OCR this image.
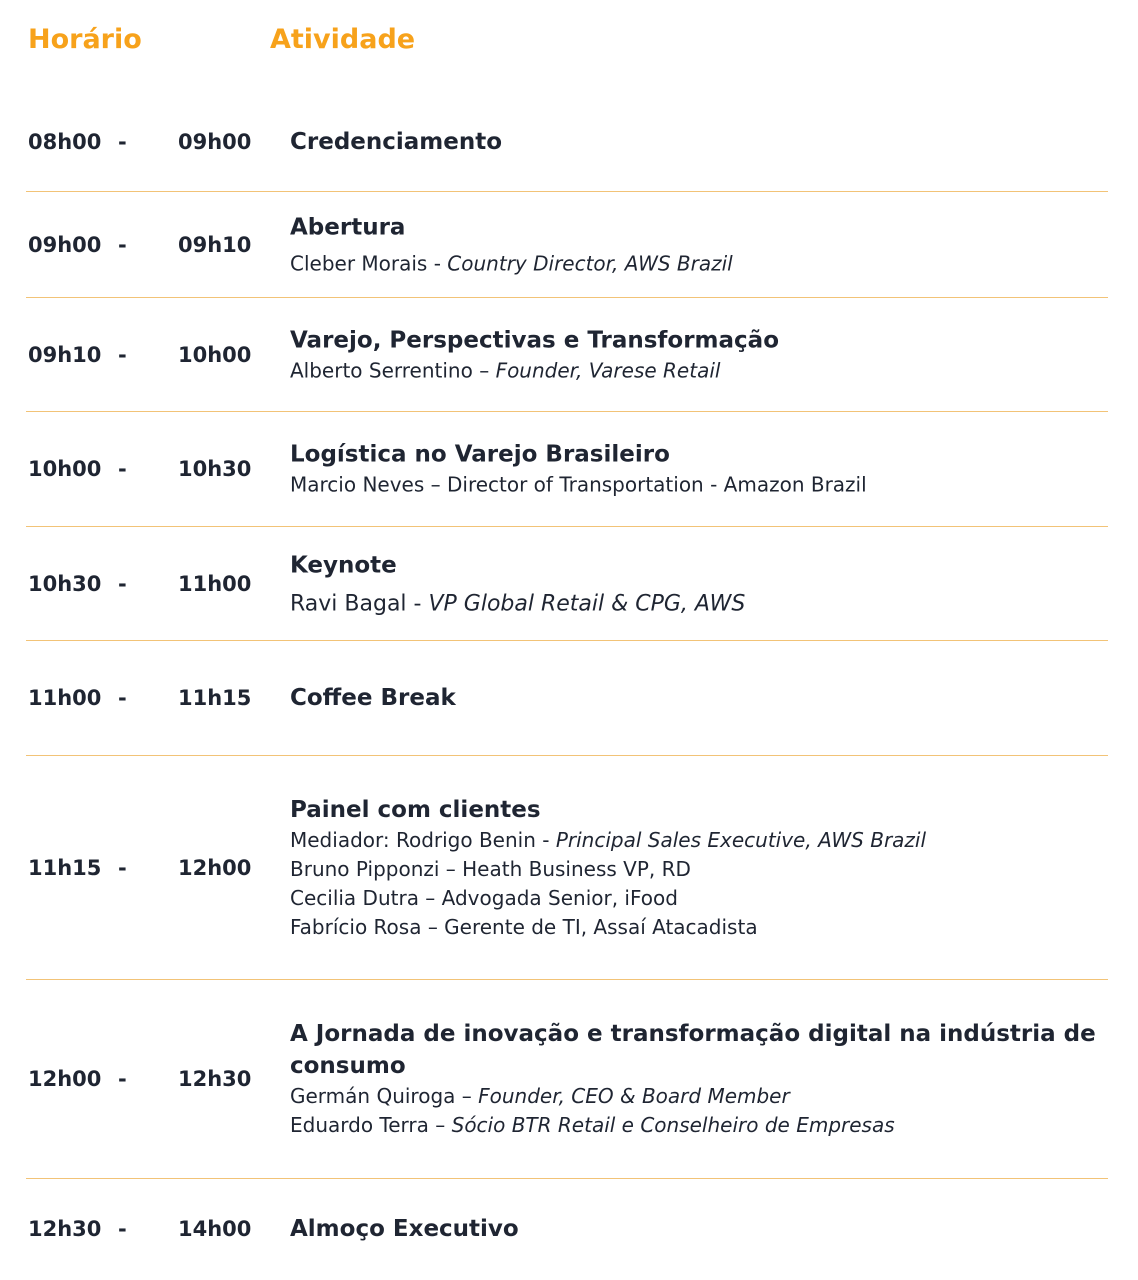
Horário	Atividade
08h00 - 09h00 Credenciamento
09h00 - 09h10
Abertura
Cleber Morais - Country Director, AWS Brazil
09h10 - 10h00
Varejo, Perspectivas e Transformação
Alberto Serrentino – Founder, Varese Retail
10h00 - 10h30
Logística no Varejo Brasileiro
Marcio Neves – Director of Transportation - Amazon Brazil
10h30 - 11h00
Keynote
Ravi Bagal - VP Global Retail & CPG, AWS
11h00 - 11h15 Coffee Break
11h15 - 12h00
Painel com clientes
Mediador: Rodrigo Benin - Principal Sales Executive, AWS Brazil
Bruno Pipponzi – Heath Business VP, RD
Cecilia Dutra – Advogada Senior, iFood
Fabrício Rosa – Gerente de TI, Assaí Atacadista
12h00 - 12h30
A Jornada de inovação e transformação digital na indústria de consumo
Germán Quiroga – Founder, CEO & Board Member
Eduardo Terra – Sócio BTR Retail e Conselheiro de Empresas
12h30 - 14h00 Almoço Executivo
